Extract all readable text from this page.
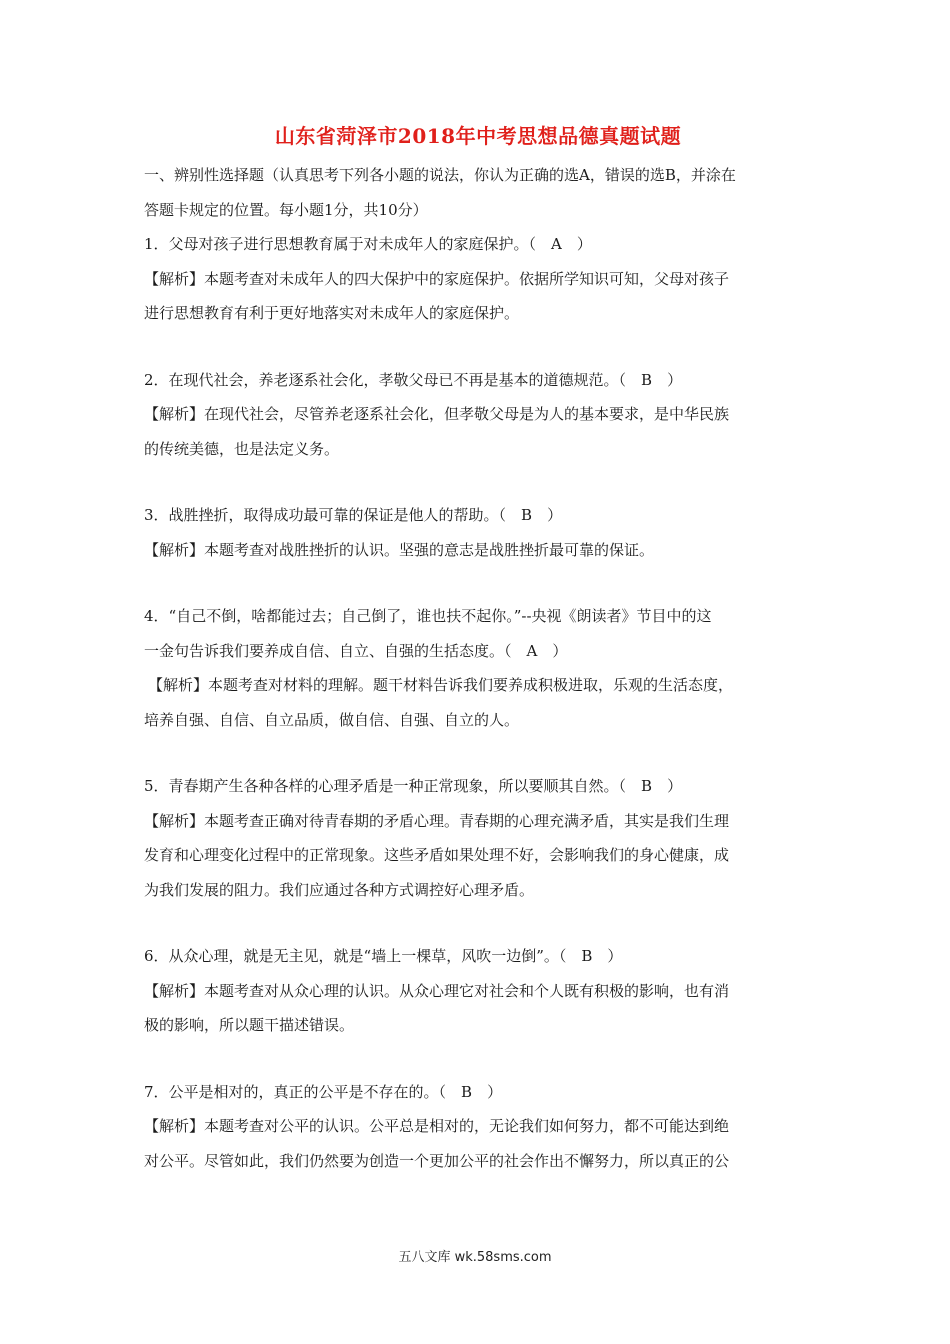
山东省菏泽市2018年中考思想品德真题试题
一、辨别性选择题（认真思考下列各小题的说法，你认为正确的选A，错误的选B，并涂在
答题卡规定的位置。每小题1分，共10分）
1．父母对孩子进行思想教育属于对未成年人的家庭保护。（　A　）
【解析】本题考查对未成年人的四大保护中的家庭保护。依据所学知识可知，父母对孩子
进行思想教育有利于更好地落实对未成年人的家庭保护。
2．在现代社会，养老逐系社会化，孝敬父母已不再是基本的道德规范。（　B　）
【解析】在现代社会，尽管养老逐系社会化，但孝敬父母是为人的基本要求，是中华民族
的传统美德，也是法定义务。
3．战胜挫折，取得成功最可靠的保证是他人的帮助。（　B　）
【解析】本题考查对战胜挫折的认识。坚强的意志是战胜挫折最可靠的保证。
4．“自己不倒，啥都能过去；自己倒了，谁也扶不起你。”--央视《朗读者》节目中的这
一金句告诉我们要养成自信、自立、自强的生括态度。（　A　）
【解析】本题考查对材料的理解。题干材料告诉我们要养成积极进取，乐观的生活态度，
培养自强、自信、自立品质，做自信、自强、自立的人。
5．青春期产生各种各样的心理矛盾是一种正常现象，所以要顺其自然。（　B　）
【解析】本题考查正确对待青春期的矛盾心理。青春期的心理充满矛盾，其实是我们生理
发育和心理变化过程中的正常现象。这些矛盾如果处理不好，会影响我们的身心健康，成
为我们发展的阻力。我们应通过各种方式调控好心理矛盾。
6．从众心理，就是无主见，就是“墙上一棵草，风吹一边倒”。（　B　）
【解析】本题考查对从众心理的认识。从众心理它对社会和个人既有积极的影响，也有消
极的影响，所以题干描述错误。
7．公平是相对的，真正的公平是不存在的。（　B　）
【解析】本题考查对公平的认识。公平总是相对的，无论我们如何努力，都不可能达到绝
对公平。尽管如此，我们仍然要为创造一个更加公平的社会作出不懈努力，所以真正的公
五八文库 wk.58sms.com
